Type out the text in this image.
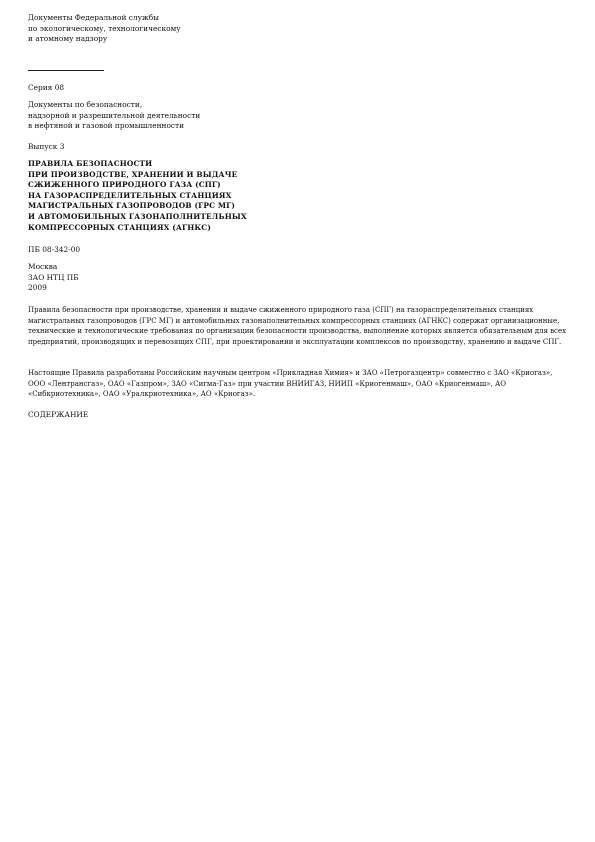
Документы Федеральной службы
по экологическому, технологическому
и атомному надзору

Серия 08

Документы по безопасности,
надзорной и разрешительной деятельности
в нефтяной и газовой промышленности

Выпуск 3

ПРАВИЛА БЕЗОПАСНОСТИ
ПРИ ПРОИЗВОДСТВЕ, ХРАНЕНИИ И ВЫДАЧЕ
СЖИЖЕННОГО ПРИРОДНОГО ГАЗА (СПГ)
НА ГАЗОРАСПРЕДЕЛИТЕЛЬНЫХ СТАНЦИЯХ
МАГИСТРАЛЬНЫХ ГАЗОПРОВОДОВ (ГРС МГ)
И АВТОМОБИЛЬНЫХ ГАЗОНАПОЛНИТЕЛЬНЫХ
КОМПРЕССОРНЫХ СТАНЦИЯХ (АГНКС)

ПБ 08-342-00

Москва
ЗАО НТЦ ПБ
2009

Правила безопасности при производстве, хранении и выдаче сжиженного природного газа (СПГ) на газораспределительных станциях магистральных газопроводов (ГРС МГ) и автомобильных газонаполнительных компрессорных станциях (АГНКС) содержат организационные, технические и технологические требования по организации безопасности производства, выполнение которых является обязательным для всех предприятий, производящих и перевозящих СПГ, при проектировании и эксплуатации комплексов по производству, хранению и выдаче СПГ.

Настоящие Правила разработаны Российским научным центром «Прикладная Химия» и ЗАО «Петрогазцентр» совместно с ЗАО «Криогаз», ООО «Лентрансгаз», ОАО «Газпром», ЗАО «Сигма-Газ» при участии ВНИИГАЗ, НИИП «Криогенмаш», ОАО «Криогенмаш», АО «Сибкриотехника», ОАО «Уралкриотехника», АО «Криогаз».

СОДЕРЖАНИЕ
